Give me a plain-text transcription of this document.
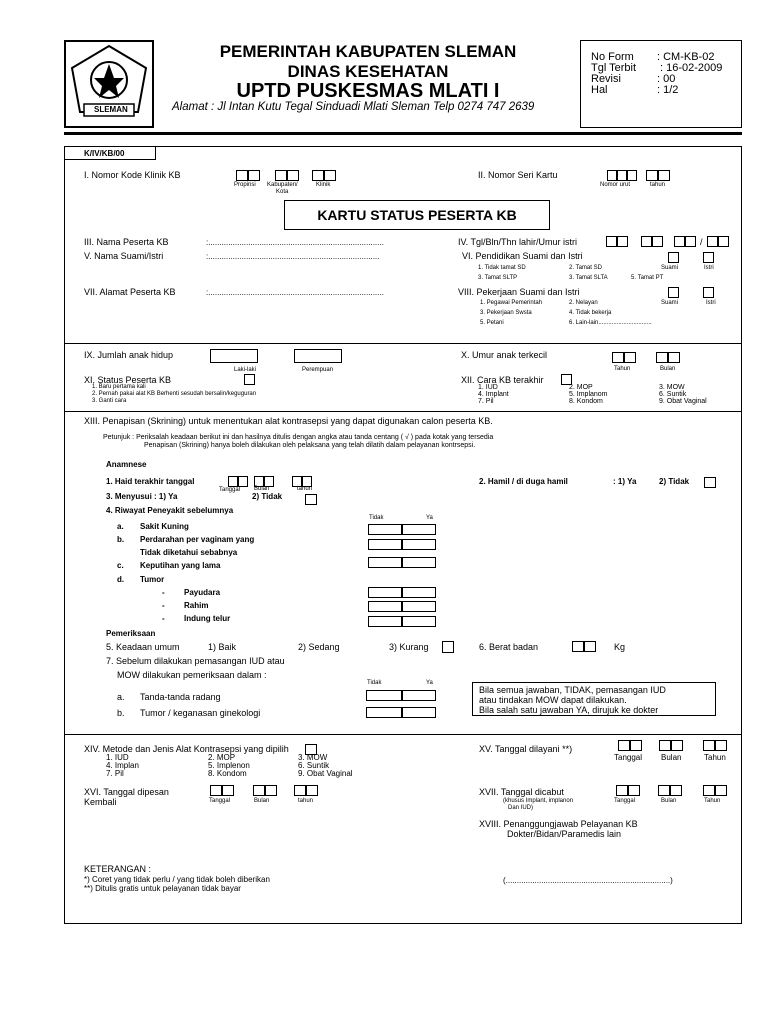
SLEMAN
PEMERINTAH KABUPATEN SLEMAN
DINAS KESEHATAN
UPTD PUSKESMAS MLATI I
Alamat : Jl Intan Kutu Tegal Sinduadi Mlati Sleman Telp 0274 747 2639
No Form : CM-KB-02
Tgl Terbit : 16-02-2009
Revisi	: 00
Hal	: 1/2
K/IV/KB/00
I. Nomor Kode Klinik KB
Propinsi Kabupaten/
Kota
Klinik
II. Nomor Seri Kartu
Nomor urut	tahun
KARTU STATUS PESERTA KB
III. Nama Peserta KB	:...............................................................................
V. Nama Suami/Istri	:.............................................................................
VII. Alamat Peserta KB	:...............................................................................
IV. Tgl/Bln/Thn lahir/Umur istri	/
VI. Pendidikan Suami dan Istri
1. Tidak tamat SD	2. Tamat SD
3. Tamat SLTP	3. Tamat SLTA	5. Tamat PT
Suami	Istri
VIII. Pekerjaan Suami dan Istri
1. Pegawai Pemerintah	2. Nelayan
3. Pekerjaan Swsta	4. Tidak bekerja
5. Petani	6. Lain-lain................................
Suami	Istri
IX. Jumlah anak hidup
Laki-laki	Perempuan
X. Umur anak terkecil
Tahun	Bulan
XI. Status Peserta KB
1. Baru pertama kali
2. Pernah pakai alat KB Berhenti sesudah bersalin/keguguran
3. Ganti cara
XII. Cara KB terakhir
1. IUD
4. Implant
7. Pil
2. MOP
5. Implanom
8. Kondom
3. MOW
6. Suntik
9. Obat Vaginal
XIII. Penapisan (Skrining) untuk menentukan alat kontrasepsi yang dapat digunakan calon peserta KB.
Petunjuk : Periksalah keadaan berikut ini dan hasilnya ditulis dengan angka atau tanda centang ( √ ) pada kotak yang tersedia
Penapisan (Skrining) hanya boleh dilakukan oleh pelaksana yang telah dilatih dalam pelayanan kontrsepsi.
Anamnese
1. Haid terakhir tanggal
Tanggal Bulan	tahun
3. Menyusui : 1) Ya	2) Tidak
2. Hamil / di duga hamil	: 1) Ya	2) Tidak
4. Riwayat Peneyakit sebelumnya
Tidak	Ya
a. Sakit Kuning
b. Perdarahan per vaginam yang
Tidak diketahui sebabnya
c. Keputihan yang lama
d. Tumor
- Payudara
- Rahim
- Indung telur
Pemeriksaan
5. Keadaan umum	1) Baik	2) Sedang	3) Kurang	6. Berat badan	Kg
7. Sebelum dilakukan pemasangan IUD atau
MOW dilakukan pemeriksaan dalam :
Tidak	Ya
a. Tanda-tanda radang
b. Tumor / keganasan ginekologi
Bila semua jawaban, TIDAK, pemasangan IUD
atau tindakan MOW dapat dilakukan.
Bila salah satu jawaban YA, dirujuk ke dokter
XIV. Metode dan Jenis Alat Kontrasepsi yang dipilih
1. IUD
4. Implan
7. Pil
2. MOP
5. Implenon
8. Kondom
3. MOW
6. Suntik
9. Obat Vaginal
XV. Tanggal dilayani **)
Tanggal Bulan	Tahun
XVI. Tanggal dipesan
Kembali	Tanggal	Bulan	tahun
XVII. Tanggal dicabut
(khusus Implant, implanon
Dan IUD)
Tanggal	Bulan	Tahun
XVIII. Penanggungjawab Pelayanan KB
Dokter/Bidan/Paramedis lain
KETERANGAN :
*) Coret yang tidak perlu / yang tidak boleh diberikan
**) Ditulis gratis untuk pelayanan tidak bayar
(..........................................................................)
